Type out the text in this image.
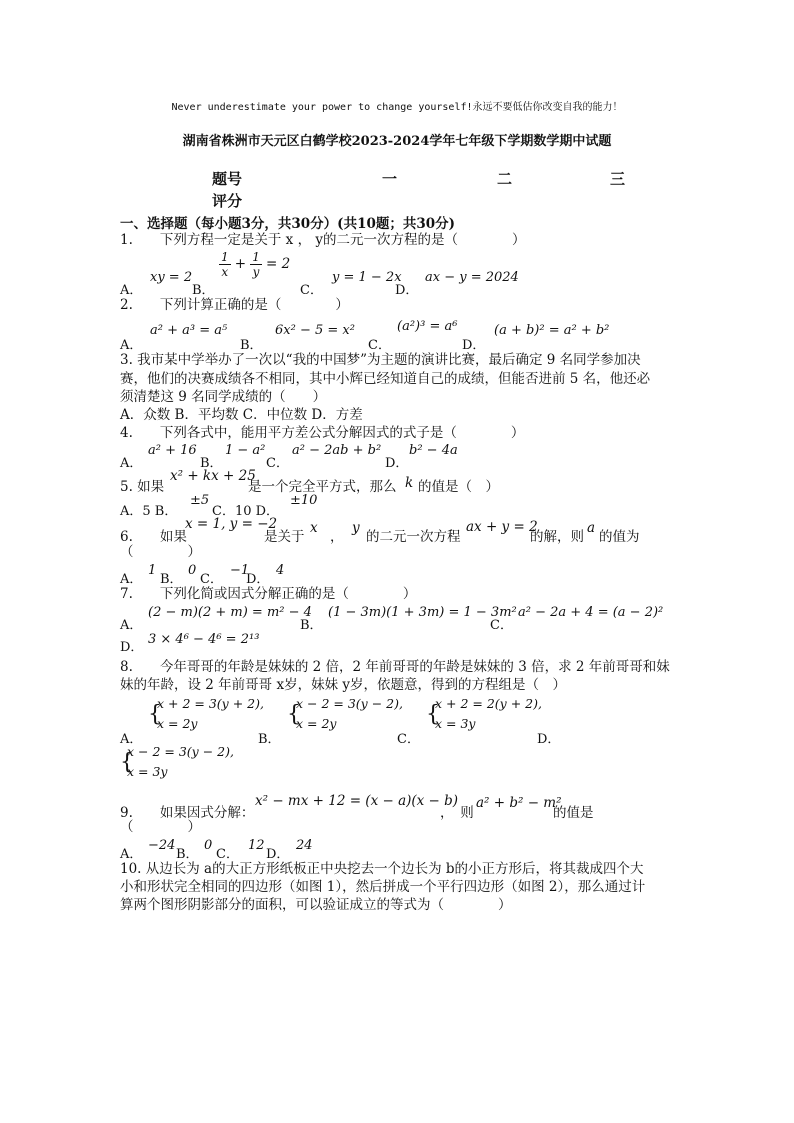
Never underestimate your power to change yourself!永远不要低估你改变自我的能力！
湖南省株洲市天元区白鹤学校2023-2024学年七年级下学期数学期中试题
题号	一	二	三
评分
一、选择题（每小题3分，共30分）(共10题；共30分)
1.　　下列方程一定是关于 x ， y的二元一次方程的是（　　　　）
A．
xy = 2
B．
$\frac{1}{x} + \frac{1}{y} = 2$
C．
y = 1 − 2x
D．
ax − y = 2024
2.　　下列计算正确的是（　　　　）
A．
a² + a³ = a⁵
B．
6x² − 5 = x²
C．
(a²)³ = a⁶
D．
(a + b)² = a² + b²
3. 我市某中学举办了一次以“我的中国梦”为主题的演讲比赛，最后确定 9 名同学参加决
赛，他们的决赛成绩各不相同，其中小辉已经知道自己的成绩，但能否进前 5 名，他还必
须清楚这 9 名同学成绩的（　　）
A．众数 B．平均数 C．中位数 D．方差
4.　　下列各式中，能用平方差公式分解因式的式子是（　　　　）
A．
a² + 16
B．
1 − a²
C．
a² − 2ab + b²
D．
b² − 4a
5. 如果
x² + kx + 25
是一个完全平方式，那么 k 的值是（　）
A．5 B．
±5
C．10 D．
±10
6.　　如果
x = 1, y = −2
是关于
x
，
y
的二元一次方程
ax + y = 2
的解，则
a
的值为
（　　　　）
A．
1
B．
0
C．
−1
D．
4
7.　　下列化简或因式分解正确的是（　　　　）
A．
(2 − m)(2 + m) = m² − 4
B．
(1 − 3m)(1 + 3m) = 1 − 3m²
C．
a² − 2a + 4 = (a − 2)²
D．
3 × 4⁶ − 4⁶ = 2¹³
8.　　今年哥哥的年龄是妹妹的 2 倍，2 年前哥哥的年龄是妹妹的 3 倍，求 2 年前哥哥和妹
妹的年龄，设 2 年前哥哥 x岁，妹妹 y岁，依题意，得到的方程组是（　）
A．
{
x + 2 = 3(y + 2),
x = 2y
B．
{
x − 2 = 3(y − 2),
x = 2y
C．
{
x + 2 = 2(y + 2),
x = 3y
D．
{
x − 2 = 3(y − 2),
x = 3y
9.　　如果因式分解：
x² − mx + 12 = (x − a)(x − b)
，　则
a² + b² − m²
的值是
（　　　　）
A．
−24
B．
0
C．
12
D．
24
10. 从边长为 a的大正方形纸板正中央挖去一个边长为 b的小正方形后，将其裁成四个大
小和形状完全相同的四边形（如图 1），然后拼成一个平行四边形（如图 2），那么通过计
算两个图形阴影部分的面积，可以验证成立的等式为（　　　　）
